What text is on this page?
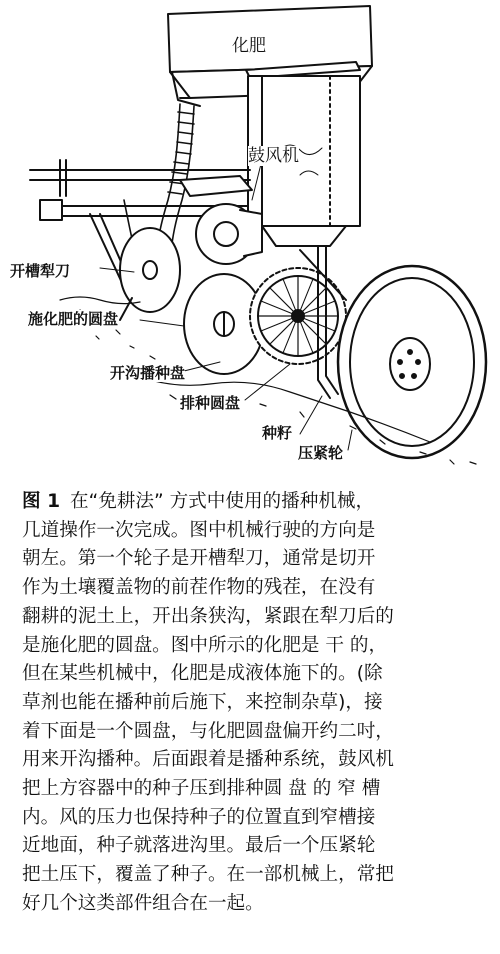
化肥
鼓风机
开槽犁刀
施化肥的圆盘
开沟播种盘
排种圆盘
种籽
压紧轮

图 1 在“免耕法” 方式中使用的播种机械，

几道操作一次完成。图中机械行驶的方向是

朝左。第一个轮子是开槽犁刀，通常是切开

作为土壤覆盖物的前茬作物的残茬，在没有

翻耕的泥土上，开出条狭沟，紧跟在犁刀后的

是施化肥的圆盘。图中所示的化肥是 干 的，

但在某些机械中，化肥是成液体施下的。(除

草剂也能在播种前后施下，来控制杂草)，接

着下面是一个圆盘，与化肥圆盘偏开约二吋，

用来开沟播种。后面跟着是播种系统，鼓风机

把上方容器中的种子压到排种圆 盘 的 窄 槽

内。风的压力也保持种子的位置直到窄槽接

近地面，种子就落进沟里。最后一个压紧轮

把土压下，覆盖了种子。在一部机械上，常把

好几个这类部件组合在一起。
